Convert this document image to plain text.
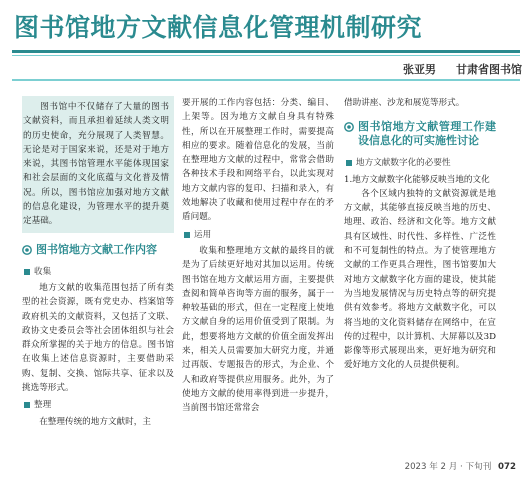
图书馆地方文献信息化管理机制研究
张亚男 甘肃省图书馆

图书馆中不仅储存了大量的图书文献资料，而且承担着延续人类文明的历史使命，充分展现了人类智慧。无论是对于国家来说，还是对于地方来说，其图书馆管理水平能体现国家和社会层面的文化底蕴与文化普及情况。所以，图书馆应加强对地方文献的信息化建设，为管理水平的提升奠定基础。

图书馆地方文献工作内容
收集

地方文献的收集范围包括了所有类型的社会资源，既有党史办、档案馆等政府机关的文献资料，又包括了文联、政协文史委员会等社会团体组织与社会群众所掌握的关于地方的信息。图书馆在收集上述信息资源时，主要借助采购、复制、交换、馆际共享、征求以及挑选等形式。

整理

在整理传统的地方文献时，主

要开展的工作内容包括：分类、编目、上架等。因为地方文献自身具有特殊性，所以在开展整理工作时，需要提高相应的要求。随着信息化的发展，当前在整理地方文献的过程中，常常会借助各种技术手段和网络平台，以此实现对地方文献内容的复印、扫描和录入，有效地解决了收藏和使用过程中存在的矛盾问题。

运用

收集和整理地方文献的最终目的就是为了后续更好地对其加以运用。传统图书馆在地方文献运用方面，主要提供查阅和简单咨询等方面的服务，属于一种较基础的形式，但在一定程度上使地方文献自身的运用价值受到了限制。为此，想要将地方文献的价值全面发挥出来，相关人员需要加大研究力度，并通过再版、专题报告的形式，为企业、个人和政府等提供应用服务。此外，为了使地方文献的使用率得到进一步提升，当前图书馆还常常会

借助讲座、沙龙和展览等形式。

图书馆地方文献管理工作建设信息化的可实施性讨论
地方文献数字化的必要性

1.地方文献数字化能够反映当地的文化

各个区域内独特的文献资源就是地方文献，其能够直接反映当地的历史、地理、政治、经济和文化等。地方文献具有区域性、时代性、多样性、广泛性和不可复制性的特点。为了使管理地方文献的工作更具合理性，图书馆要加大对地方文献数字化方面的建设，使其能为当地发展情况与历史特点等的研究提供有效参考。将地方文献数字化，可以将当地的文化资料储存在网络中，在宣传的过程中，以计算机、大屏幕以及3D影像等形式展现出来，更好地为研究和爱好地方文化的人员提供便利。

2023 年 2 月 · 下旬刊 072
